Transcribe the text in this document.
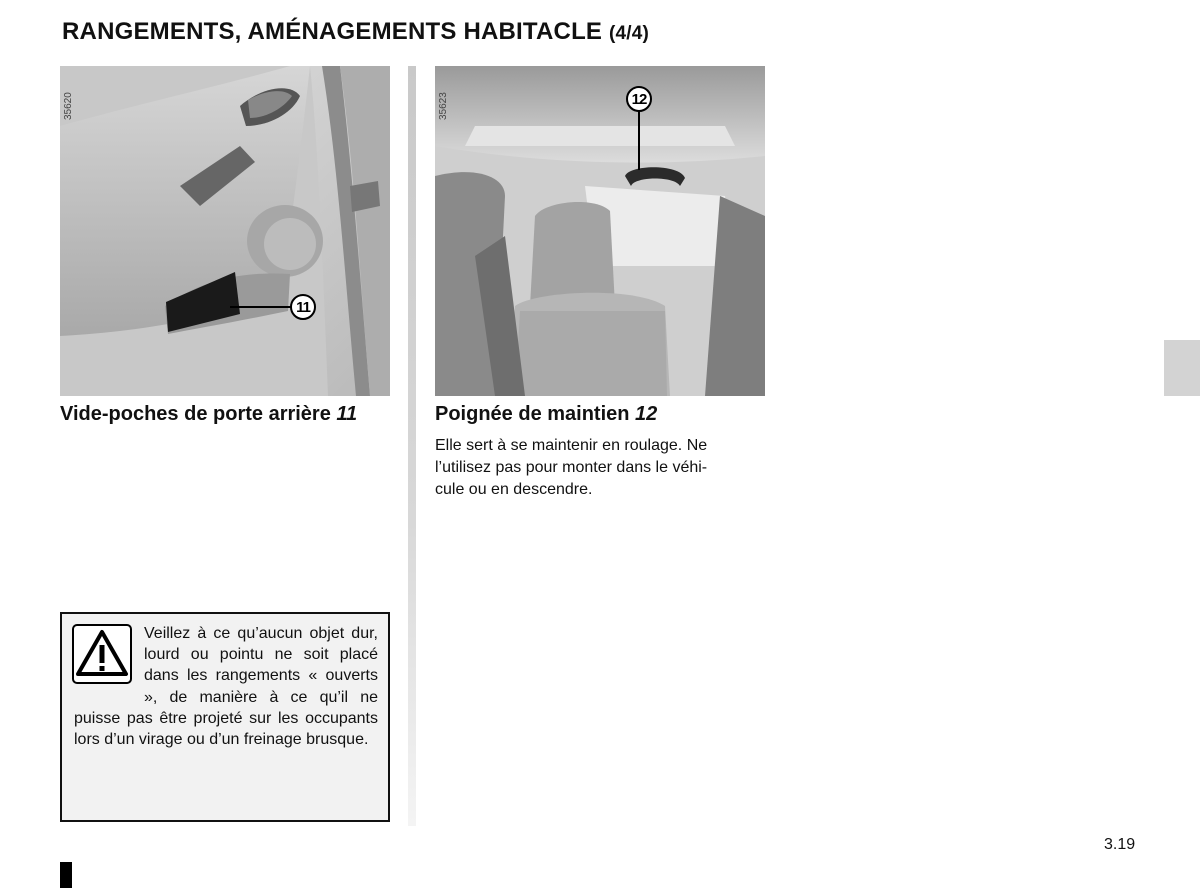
RANGEMENTS, AMÉNAGEMENTS HABITACLE (4/4)
35620
11
35623	12
Vide-poches de porte arrière 11	Poignée de maintien 12
Elle sert à se maintenir en roulage. Ne
l’utilisez pas pour monter dans le véhi-
cule ou en descendre.
Veillez à ce qu’aucun objet dur, lourd ou pointu ne soit placé dans les rangements « ouverts », de manière à ce qu’il ne puisse pas être projeté sur les occupants lors d’un virage ou d’un freinage brusque.
3.19
